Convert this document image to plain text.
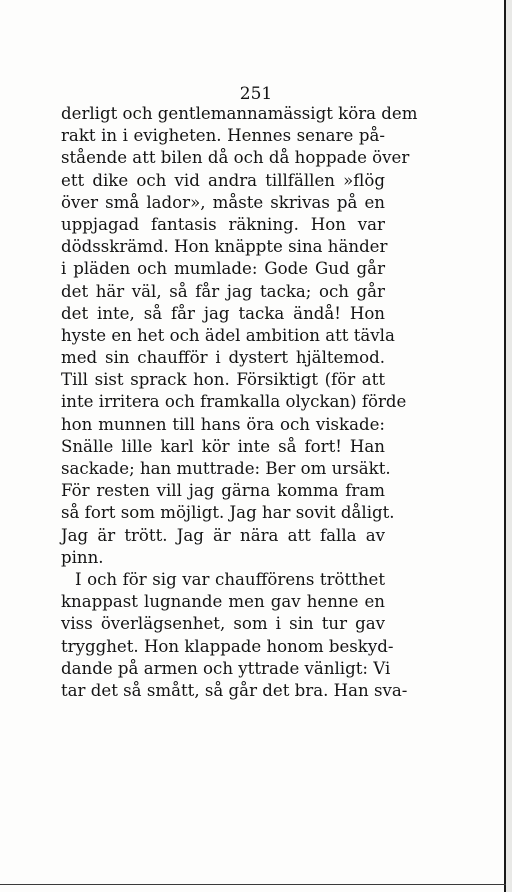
251
derligt och gentlemannamässigt köra dem
rakt in i evigheten. Hennes senare på-
stående att bilen då och då hoppade över
ett dike och vid andra tillfällen »flög
över små lador», måste skrivas på en
uppjagad fantasis räkning. Hon var
dödsskrämd. Hon knäppte sina händer
i pläden och mumlade: Gode Gud går
det här väl, så får jag tacka; och går
det inte, så får jag tacka ändå! Hon
hyste en het och ädel ambition att tävla
med sin chaufför i dystert hjältemod.
Till sist sprack hon. Försiktigt (för att
inte irritera och framkalla olyckan) förde
hon munnen till hans öra och viskade:
Snälle lille karl kör inte så fort! Han
sackade; han muttrade: Ber om ursäkt.
För resten vill jag gärna komma fram
så fort som möjligt. Jag har sovit dåligt.
Jag är trött. Jag är nära att falla av
pinn.
I och för sig var chaufförens trötthet
knappast lugnande men gav henne en
viss överlägsenhet, som i sin tur gav
trygghet. Hon klappade honom beskyd-
dande på armen och yttrade vänligt: Vi
tar det så smått, så går det bra. Han sva-
